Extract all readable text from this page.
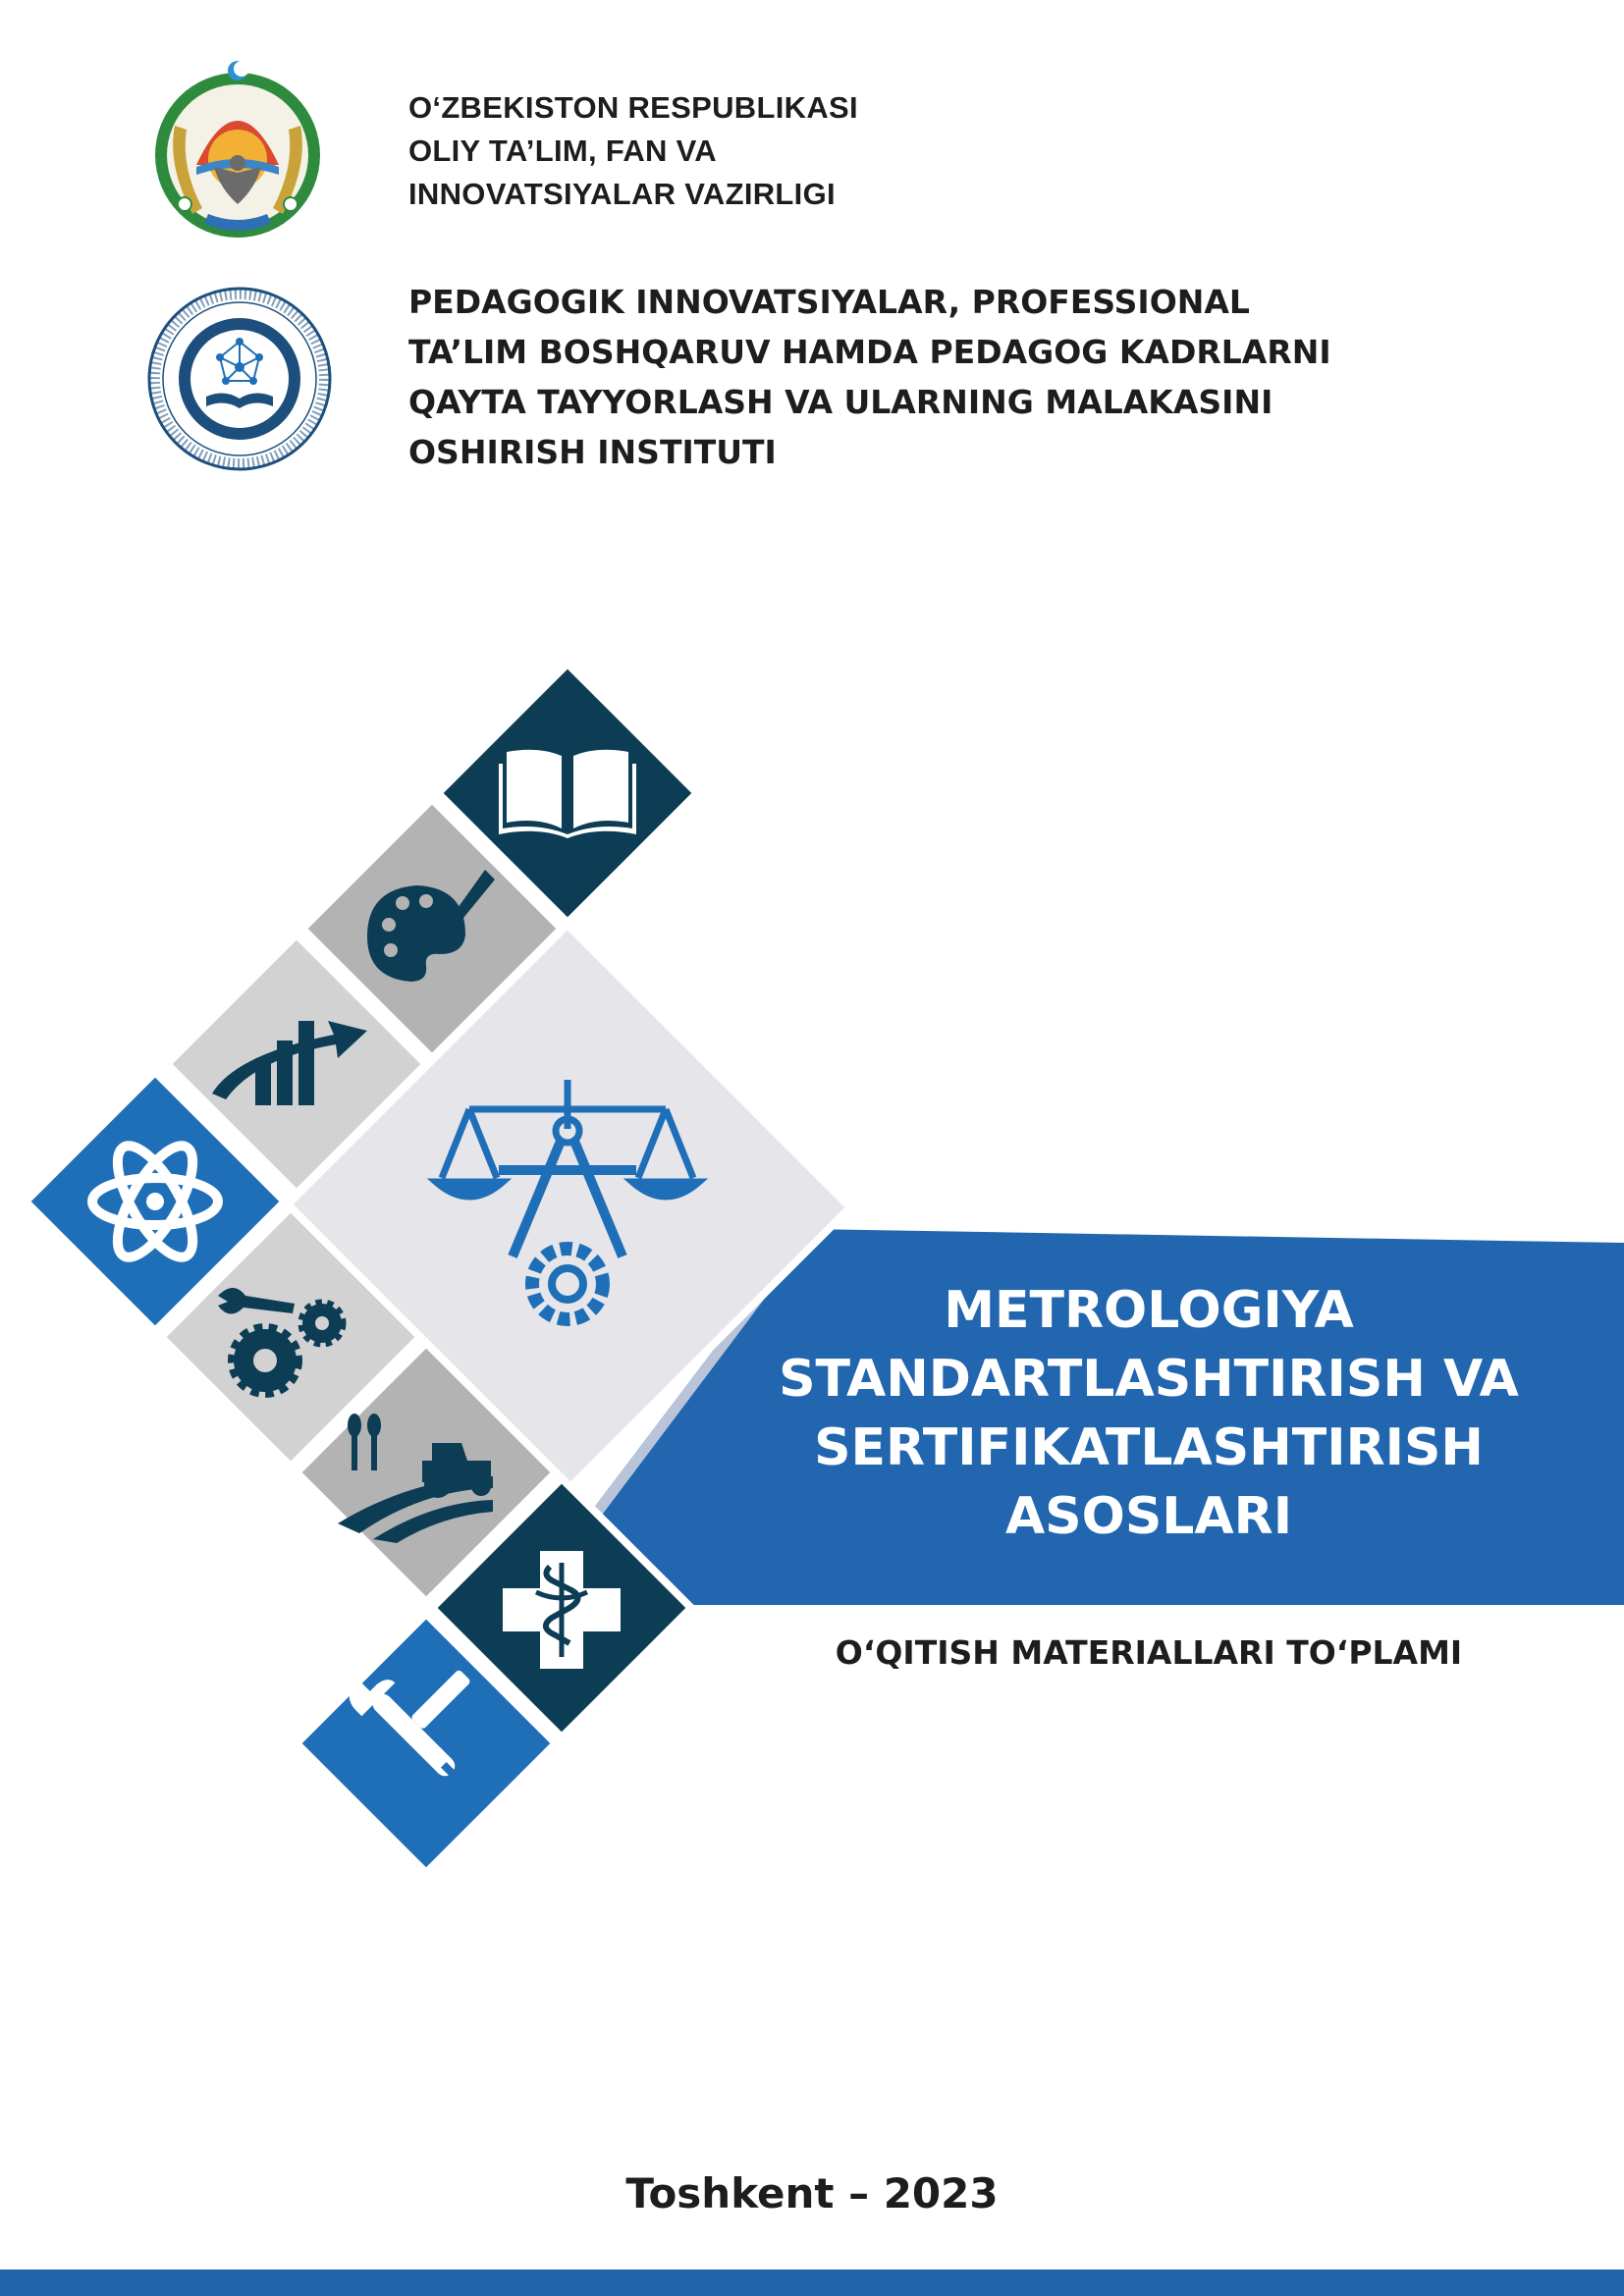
O‘ZBEKISTON RESPUBLIKASI
OLIY TA’LIM, FAN VA
INNOVATSIYALAR VAZIRLIGI
PEDAGOGIK INNOVATSIYALAR, PROFESSIONAL
TA’LIM BOSHQARUV HAMDA PEDAGOG KADRLARNI
QAYTA TAYYORLASH VA ULARNING MALAKASINI
OSHIRISH INSTITUTI
METROLOGIYA
STANDARTLASHTIRISH VA
SERTIFIKATLASHTIRISH
ASOSLARI
O‘QITISH MATERIALLARI TO‘PLAMI
Toshkent – 2023
